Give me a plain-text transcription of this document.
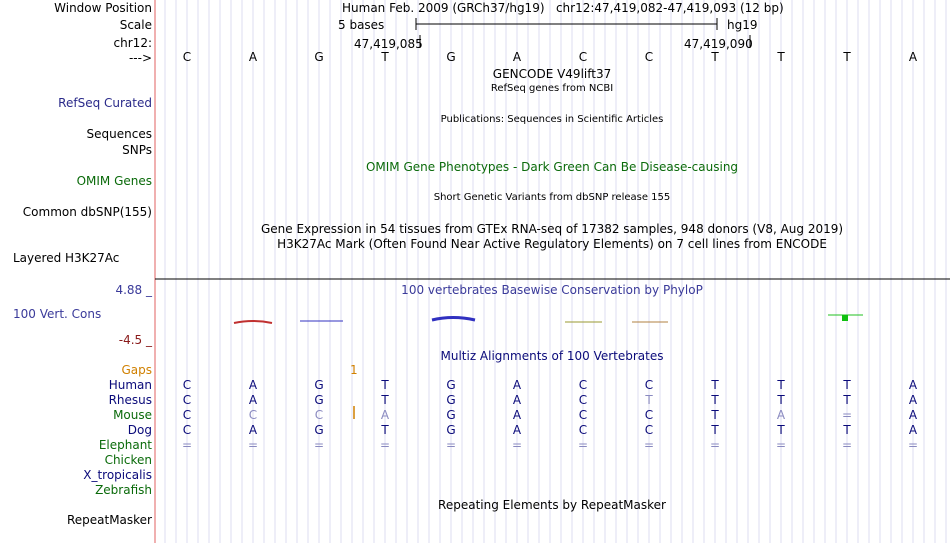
Window Position
Scale
chr12:
--->
Human Feb. 2009 (GRCh37/hg19)   chr12:47,419,082-47,419,093 (12 bp)
5 bases	hg19
47,419,085	47,419,090
GENCODE V49lift37
RefSeq genes from NCBI
RefSeq Curated
Publications: Sequences in Scientific Articles
Sequences
SNPs
OMIM Gene Phenotypes - Dark Green Can Be Disease-causing
OMIM Genes
Short Genetic Variants from dbSNP release 155
Common dbSNP(155)
Gene Expression in 54 tissues from GTEx RNA-seq of 17382 samples, 948 donors (V8, Aug 2019)
H3K27Ac Mark (Often Found Near Active Regulatory Elements) on 7 cell lines from ENCODE
Layered H3K27Ac
100 vertebrates Basewise Conservation by PhyloP
4.88 _
100 Vert. Cons
-4.5 _
Multiz Alignments of 100 Vertebrates
Gaps	1
Repeating Elements by RepeatMasker
RepeatMasker
C	A	G	T	G	A	C	C	T	T	T	A
Human	C	A	G	T	G	A	C	C	T	T	T	A
Rhesus	C	A	G	T	G	A	C	T	T	T	T	A
Mouse	C	C	C	A	G	A	C	C	T	A	=	A
Dog	C	A	G	T	G	A	C	C	T	T	T	A
Elephant =	=	=	=	=	=	=	=	=	=	=	=
Chicken
X_tropicalis
Zebrafish
